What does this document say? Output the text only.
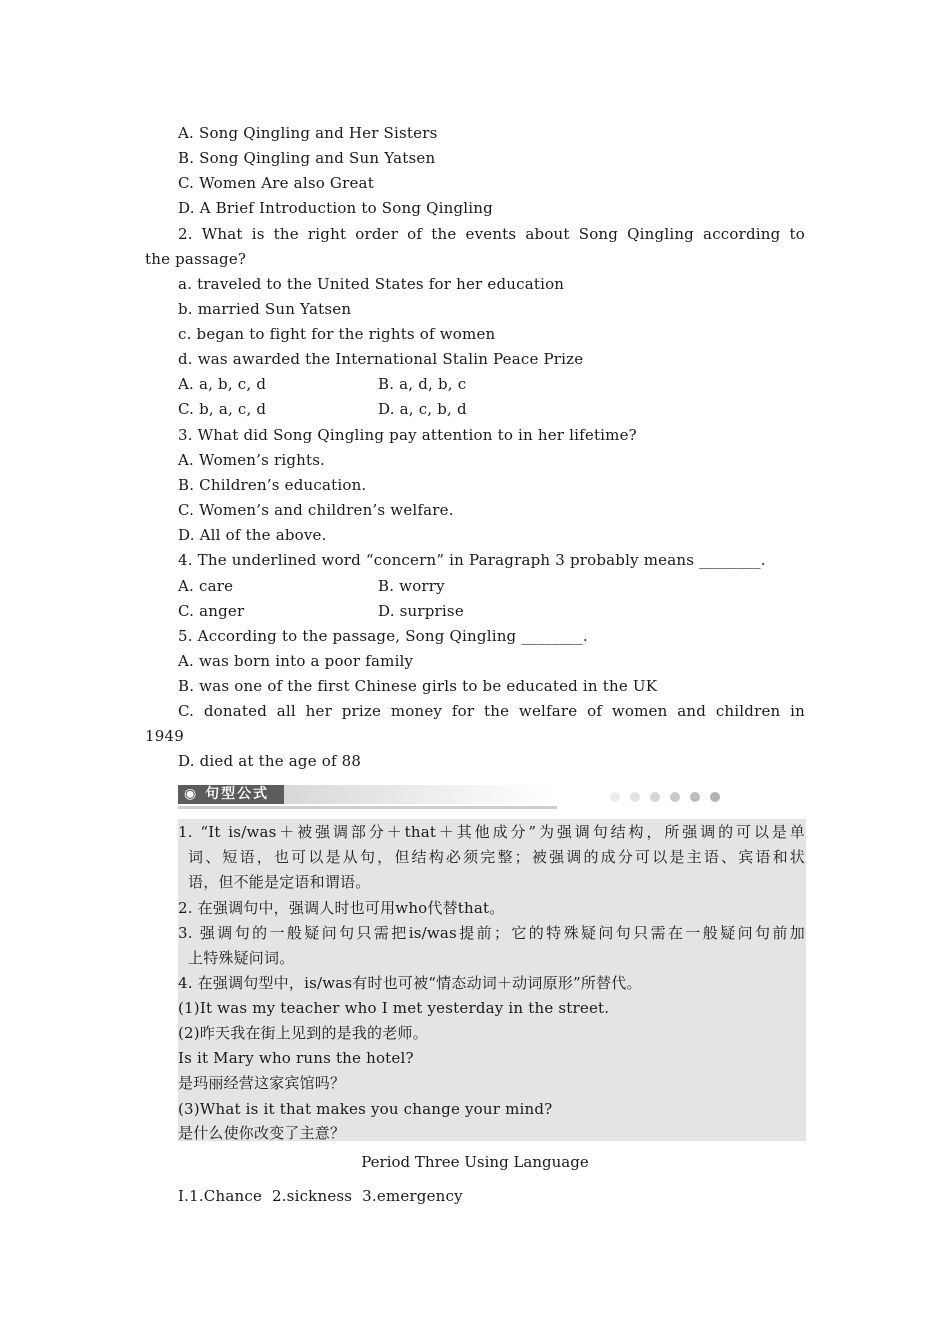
A. Song Qingling and Her Sisters
B. Song Qingling and Sun Yatsen
C. Women Are also Great
D. A Brief Introduction to Song Qingling
2. What is the right order of the events about Song Qingling according to
the passage?
a. traveled to the United States for her education
b. married Sun Yatsen
c. began to fight for the rights of women
d. was awarded the International Stalin Peace Prize
A. a, b, c, d	B. a, d, b, c
C. b, a, c, d	D. a, c, b, d
3. What did Song Qingling pay attention to in her lifetime?
A. Women’s rights.
B. Children’s education.
C. Women’s and children’s welfare.
D. All of the above.
4. The underlined word “concern” in Paragraph 3 probably means ________.
A. care	B. worry
C. anger	D. surprise
5. According to the passage, Song Qingling ________.
A. was born into a poor family
B. was one of the first Chinese girls to be educated in the UK
C. donated all her prize money for the welfare of women and children in
1949
D. died at the age of 88
◉ 句型公式
1. “It is/was＋被强调部分＋that＋其他成分”为强调句结构，所强调的可以是单
词、短语，也可以是从句，但结构必须完整；被强调的成分可以是主语、宾语和状
语，但不能是定语和谓语。
2. 在强调句中，强调人时也可用who代替that。
3. 强调句的一般疑问句只需把is/was提前；它的特殊疑问句只需在一般疑问句前加
上特殊疑问词。
4. 在强调句型中，is/was有时也可被“情态动词＋动词原形”所替代。
(1)It was my teacher who I met yesterday in the street.
(2)昨天我在街上见到的是我的老师。
Is it Mary who runs the hotel?
是玛丽经营这家宾馆吗？
(3)What is it that makes you change your mind?
是什么使你改变了主意？
Period Three Using Language
Ⅰ.1.Chance  2.sickness  3.emergency
